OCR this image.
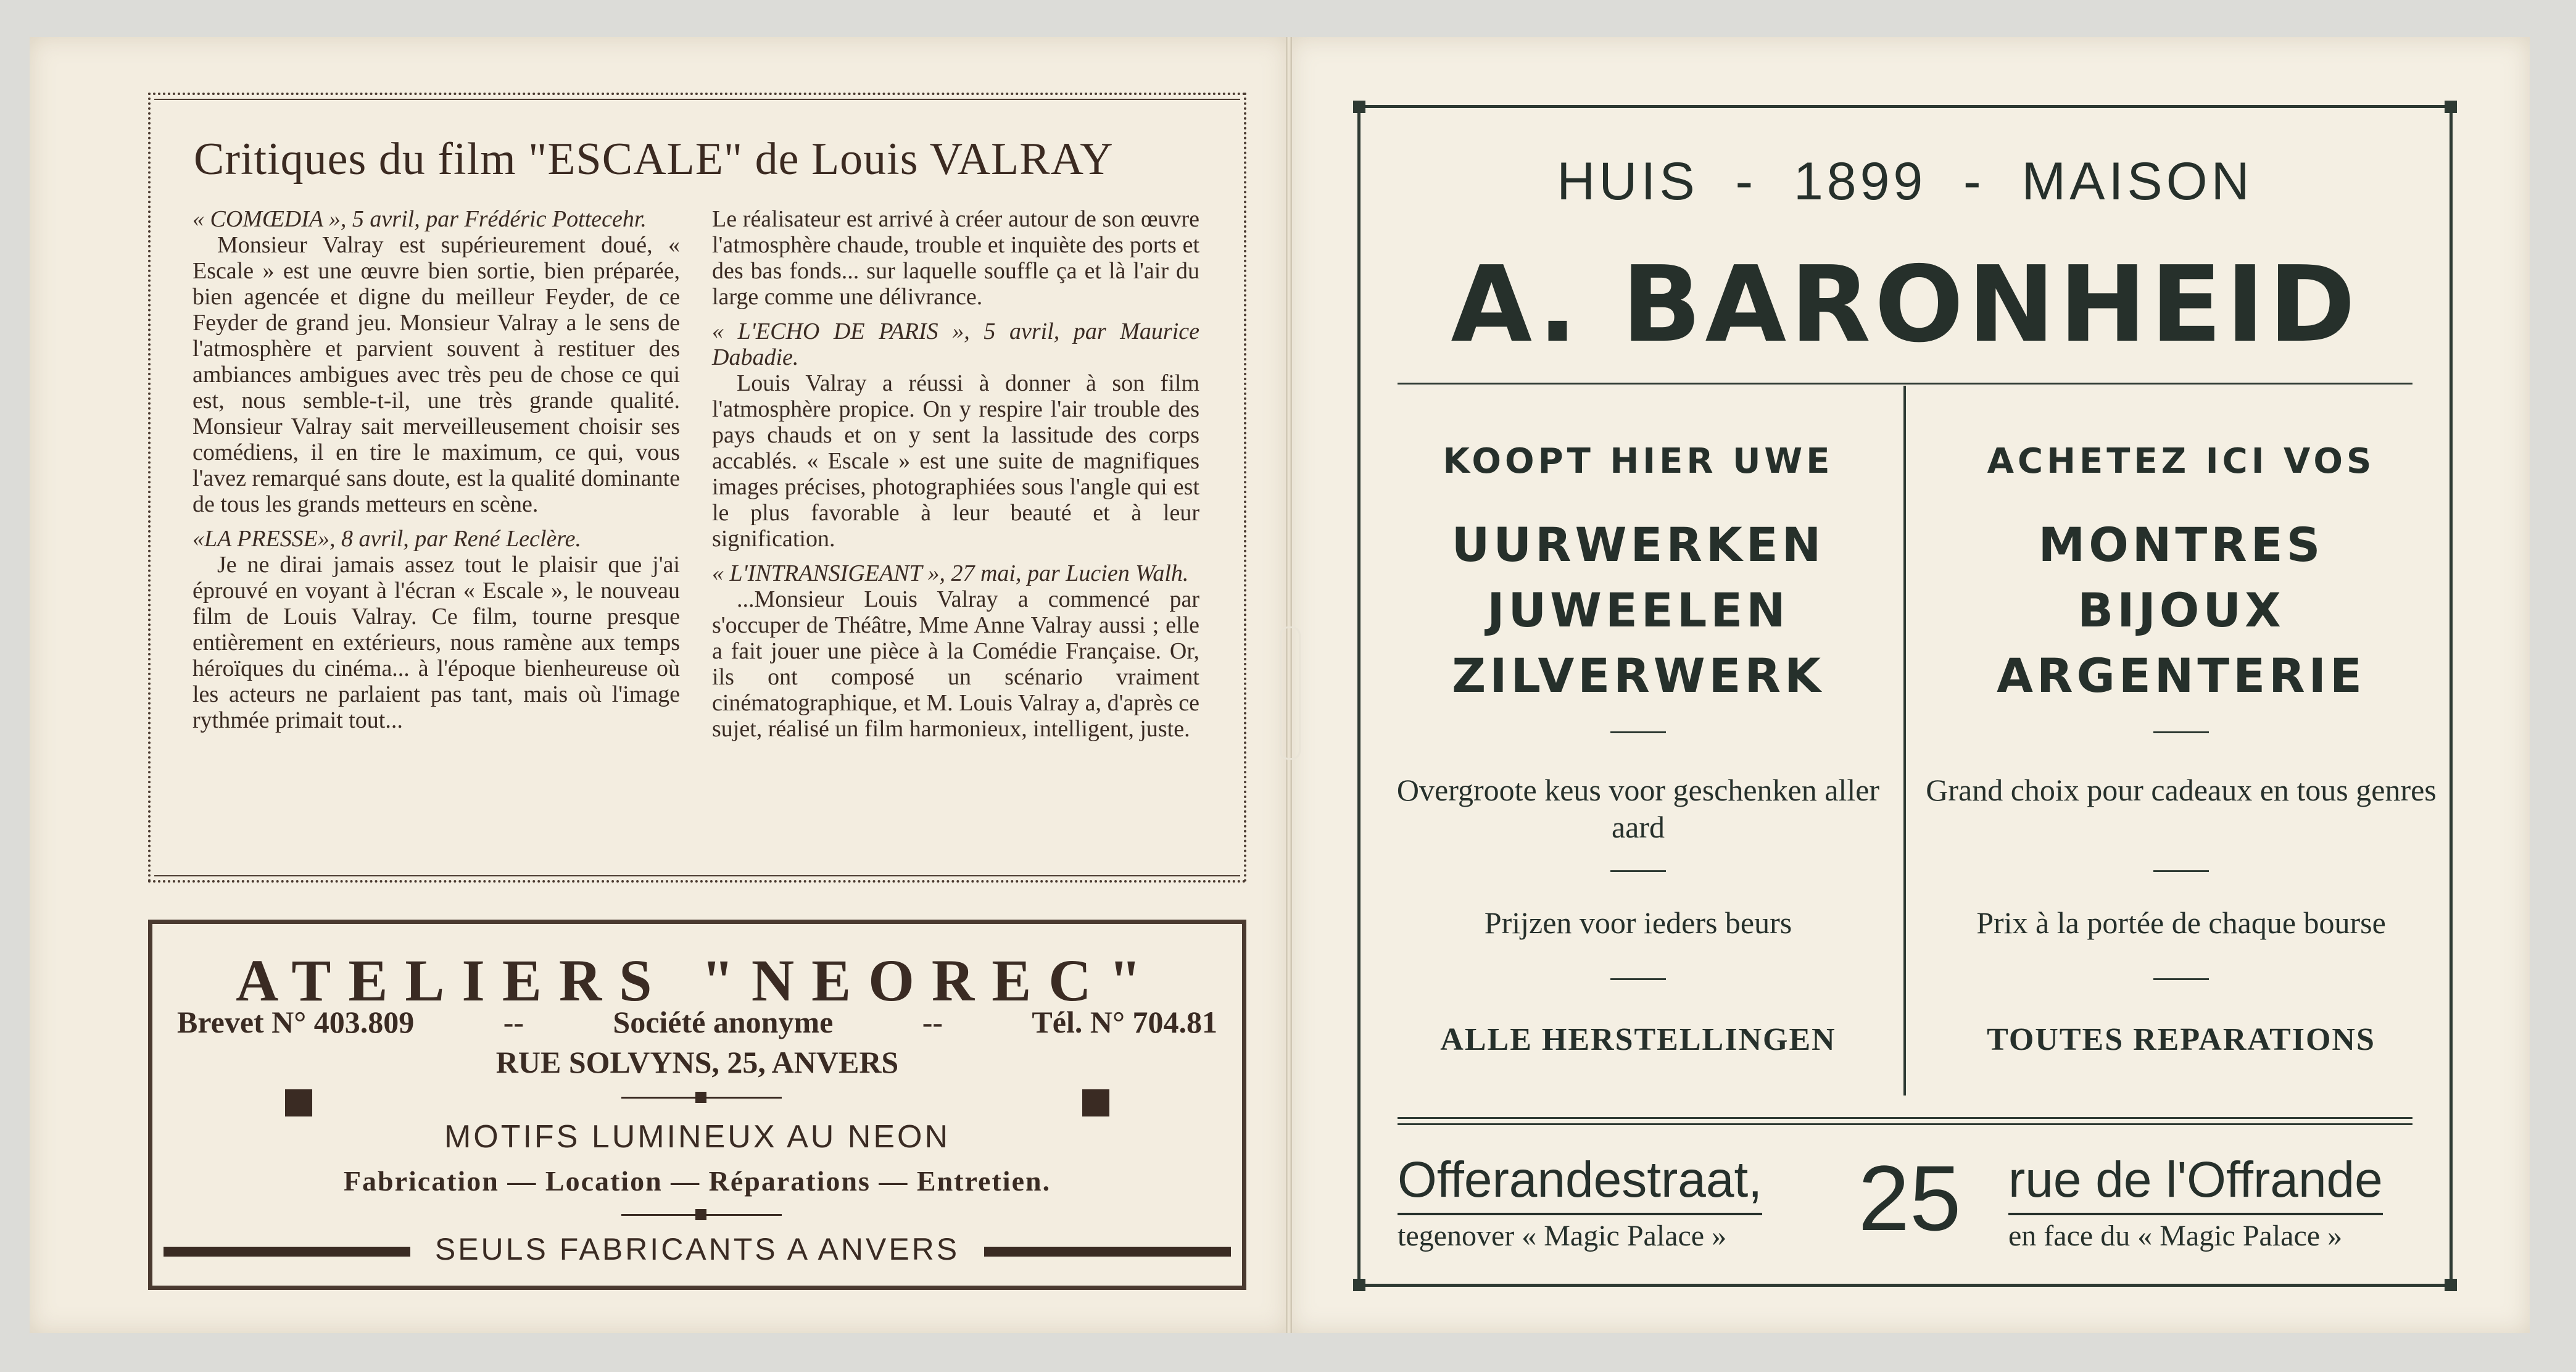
Critiques du film "ESCALE" de Louis VALRAY

« COMŒDIA », 5 avril, par Frédéric Pottecehr.

Monsieur Valray est supérieurement doué, « Escale » est une œuvre bien sortie, bien préparée, bien agencée et digne du meilleur Feyder, de ce Feyder de grand jeu. Monsieur Valray a le sens de l'atmosphère et parvient souvent à restituer des ambiances ambigues avec très peu de chose ce qui est, nous semble-t-il, une très grande qualité. Monsieur Valray sait merveilleusement choisir ses comédiens, il en tire le maximum, ce qui, vous l'avez remarqué sans doute, est la qualité dominante de tous les grands metteurs en scène.

«LA PRESSE», 8 avril, par René Leclère.

Je ne dirai jamais assez tout le plaisir que j'ai éprouvé en voyant à l'écran « Escale », le nouveau film de Louis Valray. Ce film, tourne presque entièrement en extérieurs, nous ramène aux temps héroïques du cinéma... à l'époque bienheureuse où les acteurs ne parlaient pas tant, mais où l'image rythmée primait tout...

Le réalisateur est arrivé à créer autour de son œuvre l'atmosphère chaude, trouble et inquiète des ports et des bas fonds... sur laquelle souffle ça et là l'air du large comme une délivrance.

« L'ECHO DE PARIS », 5 avril, par Maurice Dabadie.

Louis Valray a réussi à donner à son film l'atmosphère propice. On y respire l'air trouble des pays chauds et on y sent la lassitude des corps accablés. « Escale » est une suite de magnifiques images précises, photographiées sous l'angle qui est le plus favorable à leur beauté et à leur signification.

« L'INTRANSIGEANT », 27 mai, par Lucien Walh.

...Monsieur Louis Valray a commencé par s'occuper de Théâtre, Mme Anne Valray aussi ; elle a fait jouer une pièce à la Comédie Française. Or, ils ont composé un scénario vraiment cinématographique, et M. Louis Valray a, d'après ce sujet, réalisé un film harmonieux, intelligent, juste.

ATELIERS "NEOREC"
Brevet N° 403.809	--	Société anonyme	--	Tél. N° 704.81
RUE SOLVYNS, 25, ANVERS
MOTIFS LUMINEUX AU NEON
Fabrication — Location — Réparations — Entretien.
SEULS FABRICANTS A ANVERS
HUIS  -  1899  -  MAISON
A. BARONHEID
KOOPT HIER UWE
UURWERKEN
JUWEELEN
ZILVERWERK
Overgroote keus voor geschenken aller aard
Prijzen voor ieders beurs
ALLE HERSTELLINGEN
ACHETEZ ICI VOS
MONTRES
BIJOUX
ARGENTERIE
Grand choix pour cadeaux en tous genres
Prix à la portée de chaque bourse
TOUTES REPARATIONS
Offerandestraat,
tegenover « Magic Palace » 25 rue de l'Offrande
en face du « Magic Palace »
